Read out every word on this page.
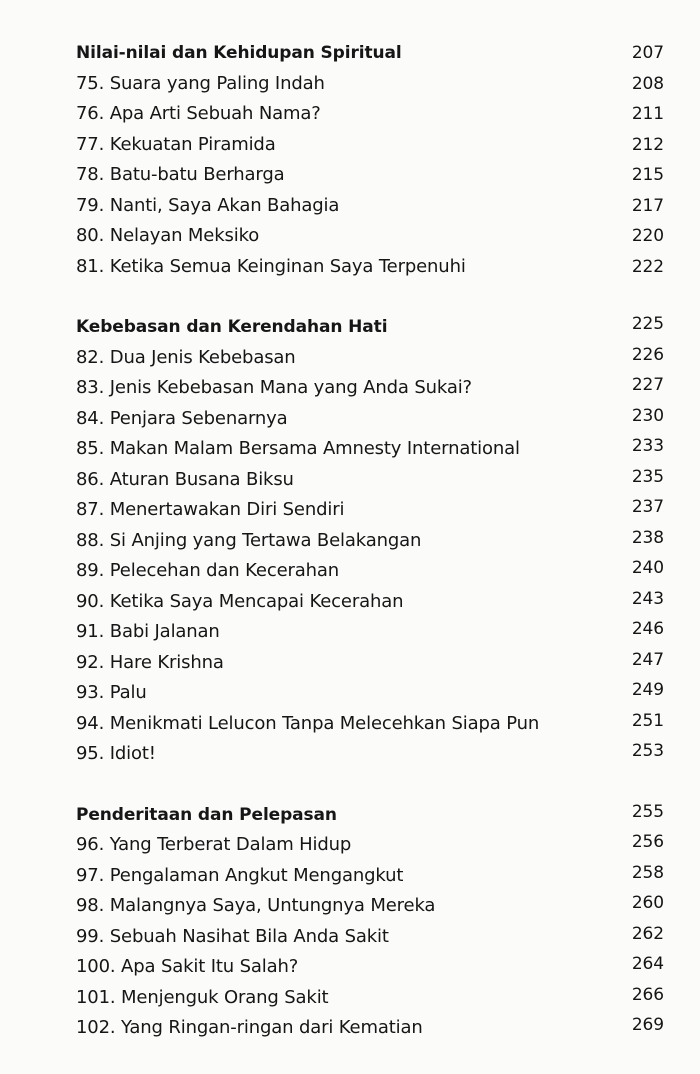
Nilai-nilai dan Kehidupan Spiritual	207
75. Suara yang Paling Indah	208
76. Apa Arti Sebuah Nama?	211
77. Kekuatan Piramida	212
78. Batu-batu Berharga	215
79. Nanti, Saya Akan Bahagia	217
80. Nelayan Meksiko	220
81. Ketika Semua Keinginan Saya Terpenuhi	222
Kebebasan dan Kerendahan Hati	225
82. Dua Jenis Kebebasan	226
83. Jenis Kebebasan Mana yang Anda Sukai?	227
84. Penjara Sebenarnya	230
85. Makan Malam Bersama Amnesty International	233
86. Aturan Busana Biksu	235
87. Menertawakan Diri Sendiri	237
88. Si Anjing yang Tertawa Belakangan	238
89. Pelecehan dan Kecerahan	240
90. Ketika Saya Mencapai Kecerahan	243
91. Babi Jalanan	246
92. Hare Krishna	247
93. Palu	249
94. Menikmati Lelucon Tanpa Melecehkan Siapa Pun	251
95. Idiot!	253
Penderitaan dan Pelepasan	255
96. Yang Terberat Dalam Hidup	256
97. Pengalaman Angkut Mengangkut	258
98. Malangnya Saya, Untungnya Mereka	260
99. Sebuah Nasihat Bila Anda Sakit	262
100. Apa Sakit Itu Salah?	264
101. Menjenguk Orang Sakit	266
102. Yang Ringan-ringan dari Kematian	269
